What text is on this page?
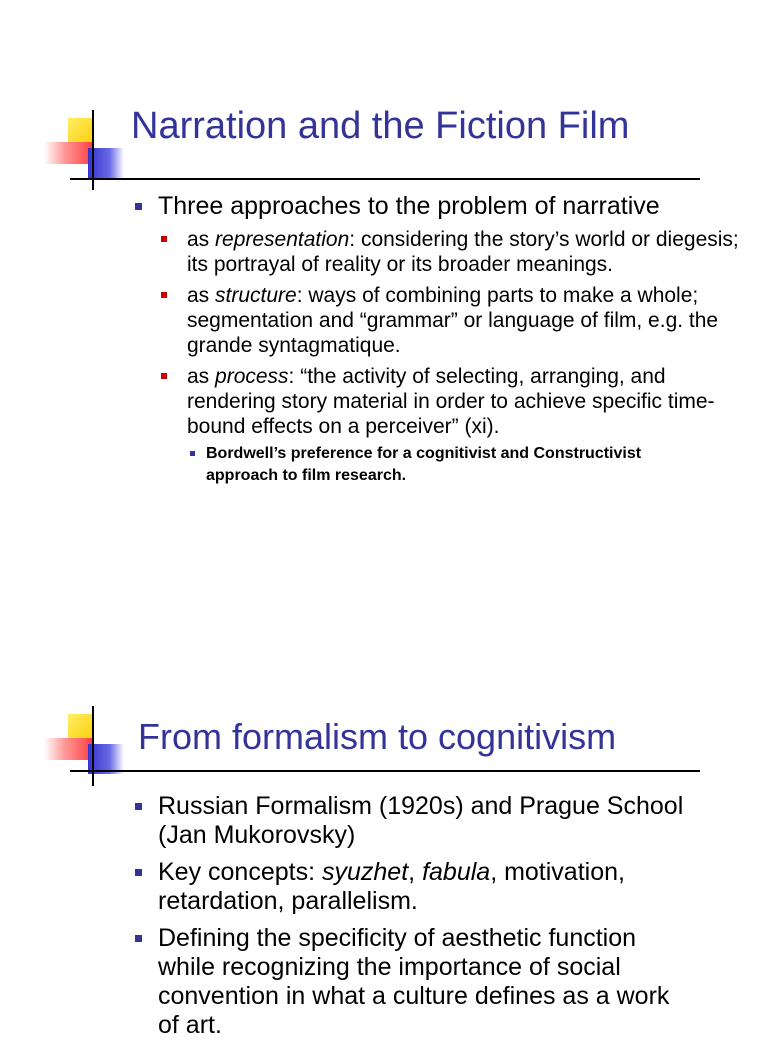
Narration and the Fiction Film
Three approaches to the problem of narrative
as representation: considering the story’s world or diegesis; its portrayal of reality or its broader meanings.
as structure: ways of combining parts to make a whole; segmentation and “grammar” or language of film, e.g. the grande syntagmatique.
as process: “the activity of selecting, arranging, and rendering story material in order to achieve specific time-bound effects on a perceiver” (xi).
Bordwell’s preference for a cognitivist and Constructivist approach to film research.
From formalism to cognitivism
Russian Formalism (1920s) and Prague School (Jan Mukorovsky)
Key concepts: syuzhet, fabula, motivation, retardation, parallelism.
Defining the specificity of aesthetic function while recognizing the importance of social convention in what a culture defines as a work of art.
